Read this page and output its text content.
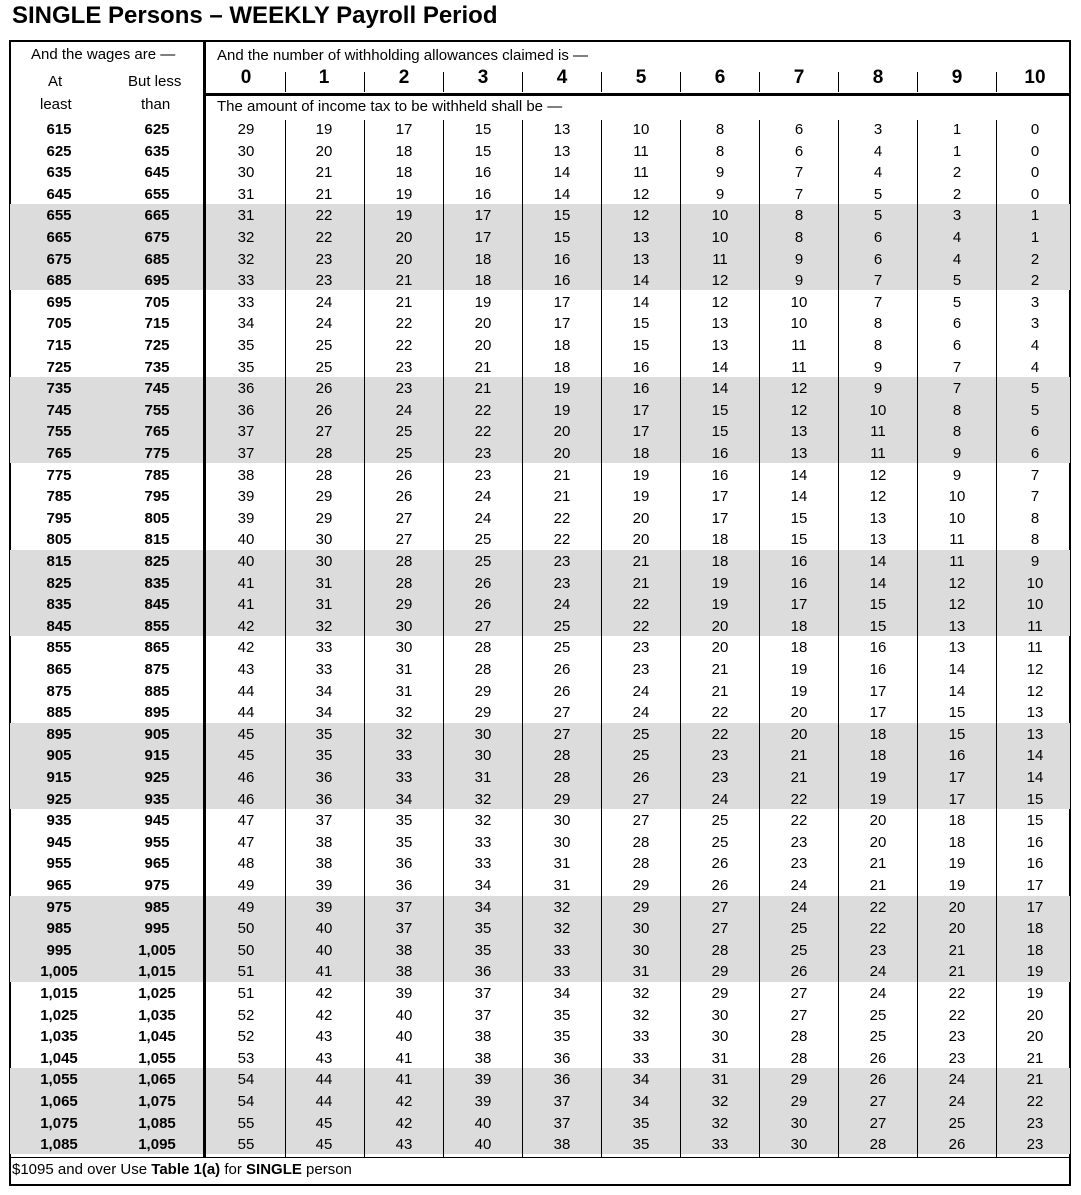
SINGLE Persons – WEEKLY Payroll Period
And the wages are —	And the number of withholding allowances claimed is —
At
least
But less
than	The amount of income tax to be withheld shall be —
0	1	2	3	4	5	6	7	8	9	10
615	625	29	19	17	15	13	10	8	6	3	1	0
625	635	30	20	18	15	13	11	8	6	4	1	0
635	645	30	21	18	16	14	11	9	7	4	2	0
645	655	31	21	19	16	14	12	9	7	5	2	0
655	665	31	22	19	17	15	12	10	8	5	3	1
665	675	32	22	20	17	15	13	10	8	6	4	1
675	685	32	23	20	18	16	13	11	9	6	4	2
685	695	33	23	21	18	16	14	12	9	7	5	2
695	705	33	24	21	19	17	14	12	10	7	5	3
705	715	34	24	22	20	17	15	13	10	8	6	3
715	725	35	25	22	20	18	15	13	11	8	6	4
725	735	35	25	23	21	18	16	14	11	9	7	4
735	745	36	26	23	21	19	16	14	12	9	7	5
745	755	36	26	24	22	19	17	15	12	10	8	5
755	765	37	27	25	22	20	17	15	13	11	8	6
765	775	37	28	25	23	20	18	16	13	11	9	6
775	785	38	28	26	23	21	19	16	14	12	9	7
785	795	39	29	26	24	21	19	17	14	12	10	7
795	805	39	29	27	24	22	20	17	15	13	10	8
805	815	40	30	27	25	22	20	18	15	13	11	8
815	825	40	30	28	25	23	21	18	16	14	11	9
825	835	41	31	28	26	23	21	19	16	14	12	10
835	845	41	31	29	26	24	22	19	17	15	12	10
845	855	42	32	30	27	25	22	20	18	15	13	11
855	865	42	33	30	28	25	23	20	18	16	13	11
865	875	43	33	31	28	26	23	21	19	16	14	12
875	885	44	34	31	29	26	24	21	19	17	14	12
885	895	44	34	32	29	27	24	22	20	17	15	13
895	905	45	35	32	30	27	25	22	20	18	15	13
905	915	45	35	33	30	28	25	23	21	18	16	14
915	925	46	36	33	31	28	26	23	21	19	17	14
925	935	46	36	34	32	29	27	24	22	19	17	15
935	945	47	37	35	32	30	27	25	22	20	18	15
945	955	47	38	35	33	30	28	25	23	20	18	16
955	965	48	38	36	33	31	28	26	23	21	19	16
965	975	49	39	36	34	31	29	26	24	21	19	17
975	985	49	39	37	34	32	29	27	24	22	20	17
985	995	50	40	37	35	32	30	27	25	22	20	18
995	1,005	50	40	38	35	33	30	28	25	23	21	18
1,005	1,015	51	41	38	36	33	31	29	26	24	21	19
1,015	1,025	51	42	39	37	34	32	29	27	24	22	19
1,025	1,035	52	42	40	37	35	32	30	27	25	22	20
1,035	1,045	52	43	40	38	35	33	30	28	25	23	20
1,045	1,055	53	43	41	38	36	33	31	28	26	23	21
1,055	1,065	54	44	41	39	36	34	31	29	26	24	21
1,065	1,075	54	44	42	39	37	34	32	29	27	24	22
1,075	1,085	55	45	42	40	37	35	32	30	27	25	23
1,085	1,095	55	45	43	40	38	35	33	30	28	26	23
$1095 and over Use Table 1(a) for SINGLE person
